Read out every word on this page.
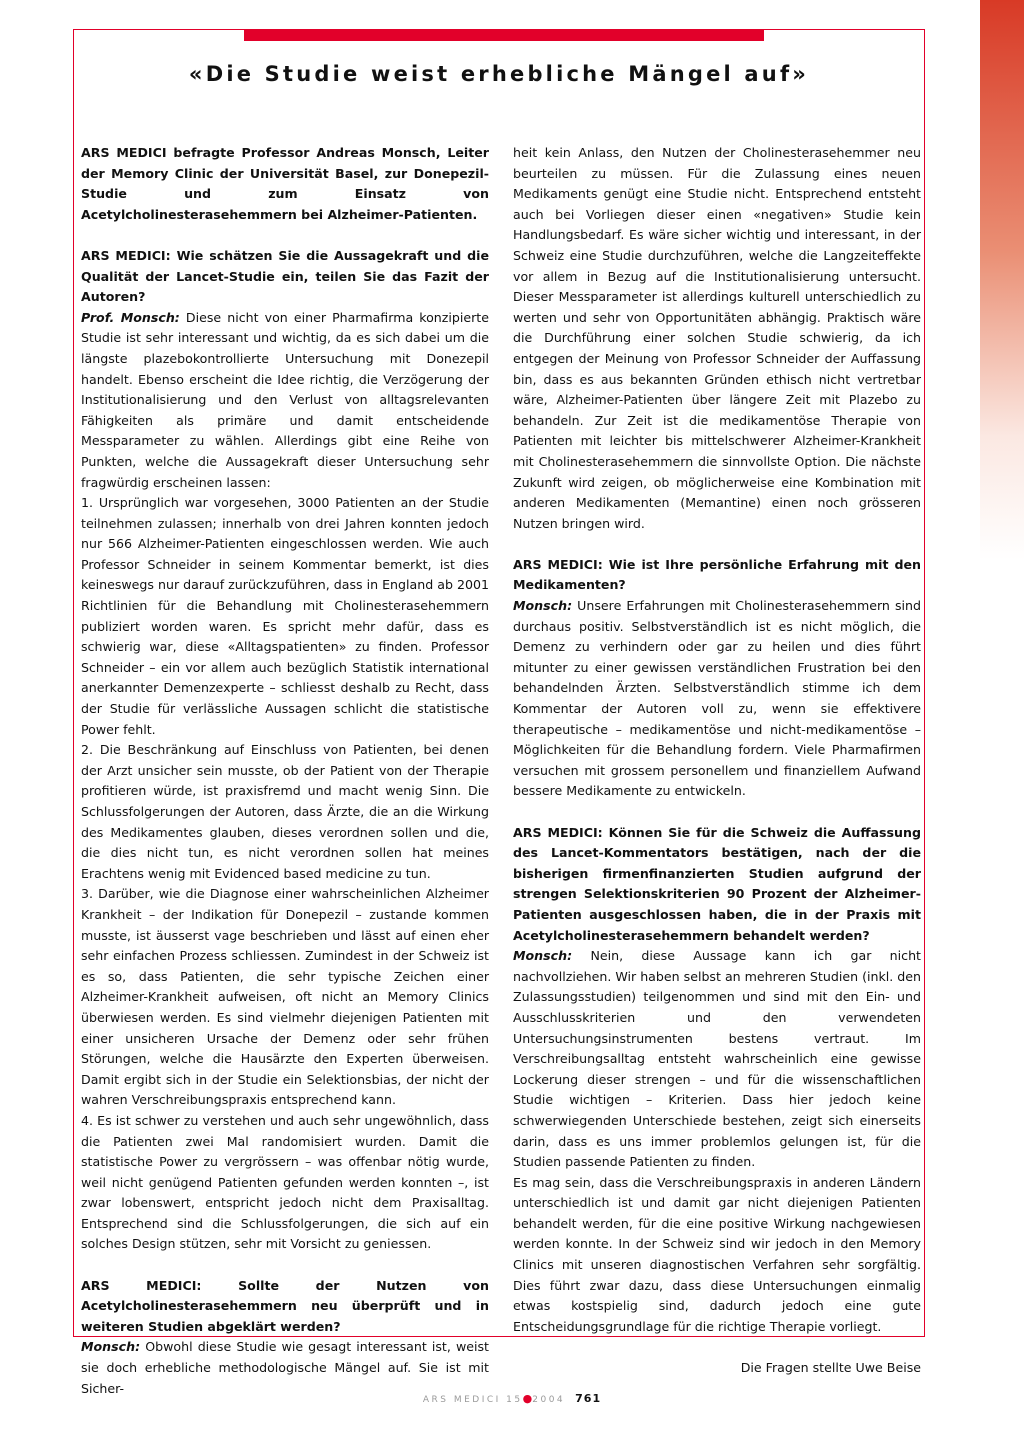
«Die Studie weist erhebliche Mängel auf»

ARS MEDICI befragte Professor Andreas Monsch, Leiter der Memory Clinic der Universität Basel, zur Donepezil-Studie und zum Einsatz von Acetylcholinesterasehemmern bei Alzheimer-Patienten.

ARS MEDICI: Wie schätzen Sie die Aussagekraft und die Qualität der Lancet-Studie ein, teilen Sie das Fazit der Autoren?

Prof. Monsch: Diese nicht von einer Pharmafirma konzipierte Studie ist sehr interessant und wichtig, da es sich dabei um die längste plazebokontrollierte Untersuchung mit Donezepil handelt. Ebenso erscheint die Idee richtig, die Verzögerung der Institutionalisierung und den Verlust von alltagsrelevanten Fähigkeiten als primäre und damit entscheidende Messparameter zu wählen. Allerdings gibt eine Reihe von Punkten, welche die Aussagekraft dieser Untersuchung sehr fragwürdig erscheinen lassen:

1. Ursprünglich war vorgesehen, 3000 Patienten an der Studie teilnehmen zulassen; innerhalb von drei Jahren konnten jedoch nur 566 Alzheimer-Patienten eingeschlossen werden. Wie auch Professor Schneider in seinem Kommentar bemerkt, ist dies keineswegs nur darauf zurückzuführen, dass in England ab 2001 Richtlinien für die Behandlung mit Cholinesterasehemmern publiziert worden waren. Es spricht mehr dafür, dass es schwierig war, diese «Alltagspatienten» zu finden. Professor Schneider – ein vor allem auch bezüglich Statistik international anerkannter Demenzexperte – schliesst deshalb zu Recht, dass der Studie für verlässliche Aussagen schlicht die statistische Power fehlt.

2. Die Beschränkung auf Einschluss von Patienten, bei denen der Arzt unsicher sein musste, ob der Patient von der Therapie profitieren würde, ist praxisfremd und macht wenig Sinn. Die Schlussfolgerungen der Autoren, dass Ärzte, die an die Wirkung des Medikamentes glauben, dieses verordnen sollen und die, die dies nicht tun, es nicht verordnen sollen hat meines Erachtens wenig mit Evidenced based medicine zu tun.

3. Darüber, wie die Diagnose einer wahrscheinlichen Alzheimer Krankheit – der Indikation für Donepezil – zustande kommen musste, ist äusserst vage beschrieben und lässt auf einen eher sehr einfachen Prozess schliessen. Zumindest in der Schweiz ist es so, dass Patienten, die sehr typische Zeichen einer Alzheimer-Krankheit aufweisen, oft nicht an Memory Clinics überwiesen werden. Es sind vielmehr diejenigen Patienten mit einer unsicheren Ursache der Demenz oder sehr frühen Störungen, welche die Hausärzte den Experten überweisen. Damit ergibt sich in der Studie ein Selektionsbias, der nicht der wahren Verschreibungspraxis entsprechend kann.

4. Es ist schwer zu verstehen und auch sehr ungewöhnlich, dass die Patienten zwei Mal randomisiert wurden. Damit die statistische Power zu vergrössern – was offenbar nötig wurde, weil nicht genügend Patienten gefunden werden konnten –, ist zwar lobenswert, entspricht jedoch nicht dem Praxisalltag. Entsprechend sind die Schlussfolgerungen, die sich auf ein solches Design stützen, sehr mit Vorsicht zu geniessen.

ARS MEDICI: Sollte der Nutzen von Acetylcholinesterasehemmern neu überprüft und in weiteren Studien abgeklärt werden?

Monsch: Obwohl diese Studie wie gesagt interessant ist, weist sie doch erhebliche methodologische Mängel auf. Sie ist mit Sicher-

heit kein Anlass, den Nutzen der Cholinesterasehemmer neu beurteilen zu müssen. Für die Zulassung eines neuen Medikaments genügt eine Studie nicht. Entsprechend entsteht auch bei Vorliegen dieser einen «negativen» Studie kein Handlungsbedarf. Es wäre sicher wichtig und interessant, in der Schweiz eine Studie durchzuführen, welche die Langzeiteffekte vor allem in Bezug auf die Institutionalisierung untersucht. Dieser Messparameter ist allerdings kulturell unterschiedlich zu werten und sehr von Opportunitäten abhängig. Praktisch wäre die Durchführung einer solchen Studie schwierig, da ich entgegen der Meinung von Professor Schneider der Auffassung bin, dass es aus bekannten Gründen ethisch nicht vertretbar wäre, Alzheimer-Patienten über längere Zeit mit Plazebo zu behandeln. Zur Zeit ist die medikamentöse Therapie von Patienten mit leichter bis mittelschwerer Alzheimer-Krankheit mit Cholinesterasehemmern die sinnvollste Option. Die nächste Zukunft wird zeigen, ob möglicherweise eine Kombination mit anderen Medikamenten (Memantine) einen noch grösseren Nutzen bringen wird.

ARS MEDICI: Wie ist Ihre persönliche Erfahrung mit den Medikamenten?

Monsch: Unsere Erfahrungen mit Cholinesterasehemmern sind durchaus positiv. Selbstverständlich ist es nicht möglich, die Demenz zu verhindern oder gar zu heilen und dies führt mitunter zu einer gewissen verständlichen Frustration bei den behandelnden Ärzten. Selbstverständlich stimme ich dem Kommentar der Autoren voll zu, wenn sie effektivere therapeutische – medikamentöse und nicht-medikamentöse – Möglichkeiten für die Behandlung fordern. Viele Pharmafirmen versuchen mit grossem personellem und finanziellem Aufwand bessere Medikamente zu entwickeln.

ARS MEDICI: Können Sie für die Schweiz die Auffassung des Lancet-Kommentators bestätigen, nach der die bisherigen firmenfinanzierten Studien aufgrund der strengen Selektionskriterien 90 Prozent der Alzheimer-Patienten ausgeschlossen haben, die in der Praxis mit Acetylcholinesterasehemmern behandelt werden?

Monsch: Nein, diese Aussage kann ich gar nicht nachvollziehen. Wir haben selbst an mehreren Studien (inkl. den Zulassungsstudien) teilgenommen und sind mit den Ein- und Ausschlusskriterien und den verwendeten Untersuchungsinstrumenten bestens vertraut. Im Verschreibungsalltag entsteht wahrscheinlich eine gewisse Lockerung dieser strengen – und für die wissenschaftlichen Studie wichtigen – Kriterien. Dass hier jedoch keine schwerwiegenden Unterschiede bestehen, zeigt sich einerseits darin, dass es uns immer problemlos gelungen ist, für die Studien passende Patienten zu finden.

Es mag sein, dass die Verschreibungspraxis in anderen Ländern unterschiedlich ist und damit gar nicht diejenigen Patienten behandelt werden, für die eine positive Wirkung nachgewiesen werden konnte. In der Schweiz sind wir jedoch in den Memory Clinics mit unseren diagnostischen Verfahren sehr sorgfältig. Dies führt zwar dazu, dass diese Untersuchungen einmalig etwas kostspielig sind, dadurch jedoch eine gute Entscheidungsgrundlage für die richtige Therapie vorliegt.

Die Fragen stellte Uwe Beise

ARS MEDICI 15●2004 761
